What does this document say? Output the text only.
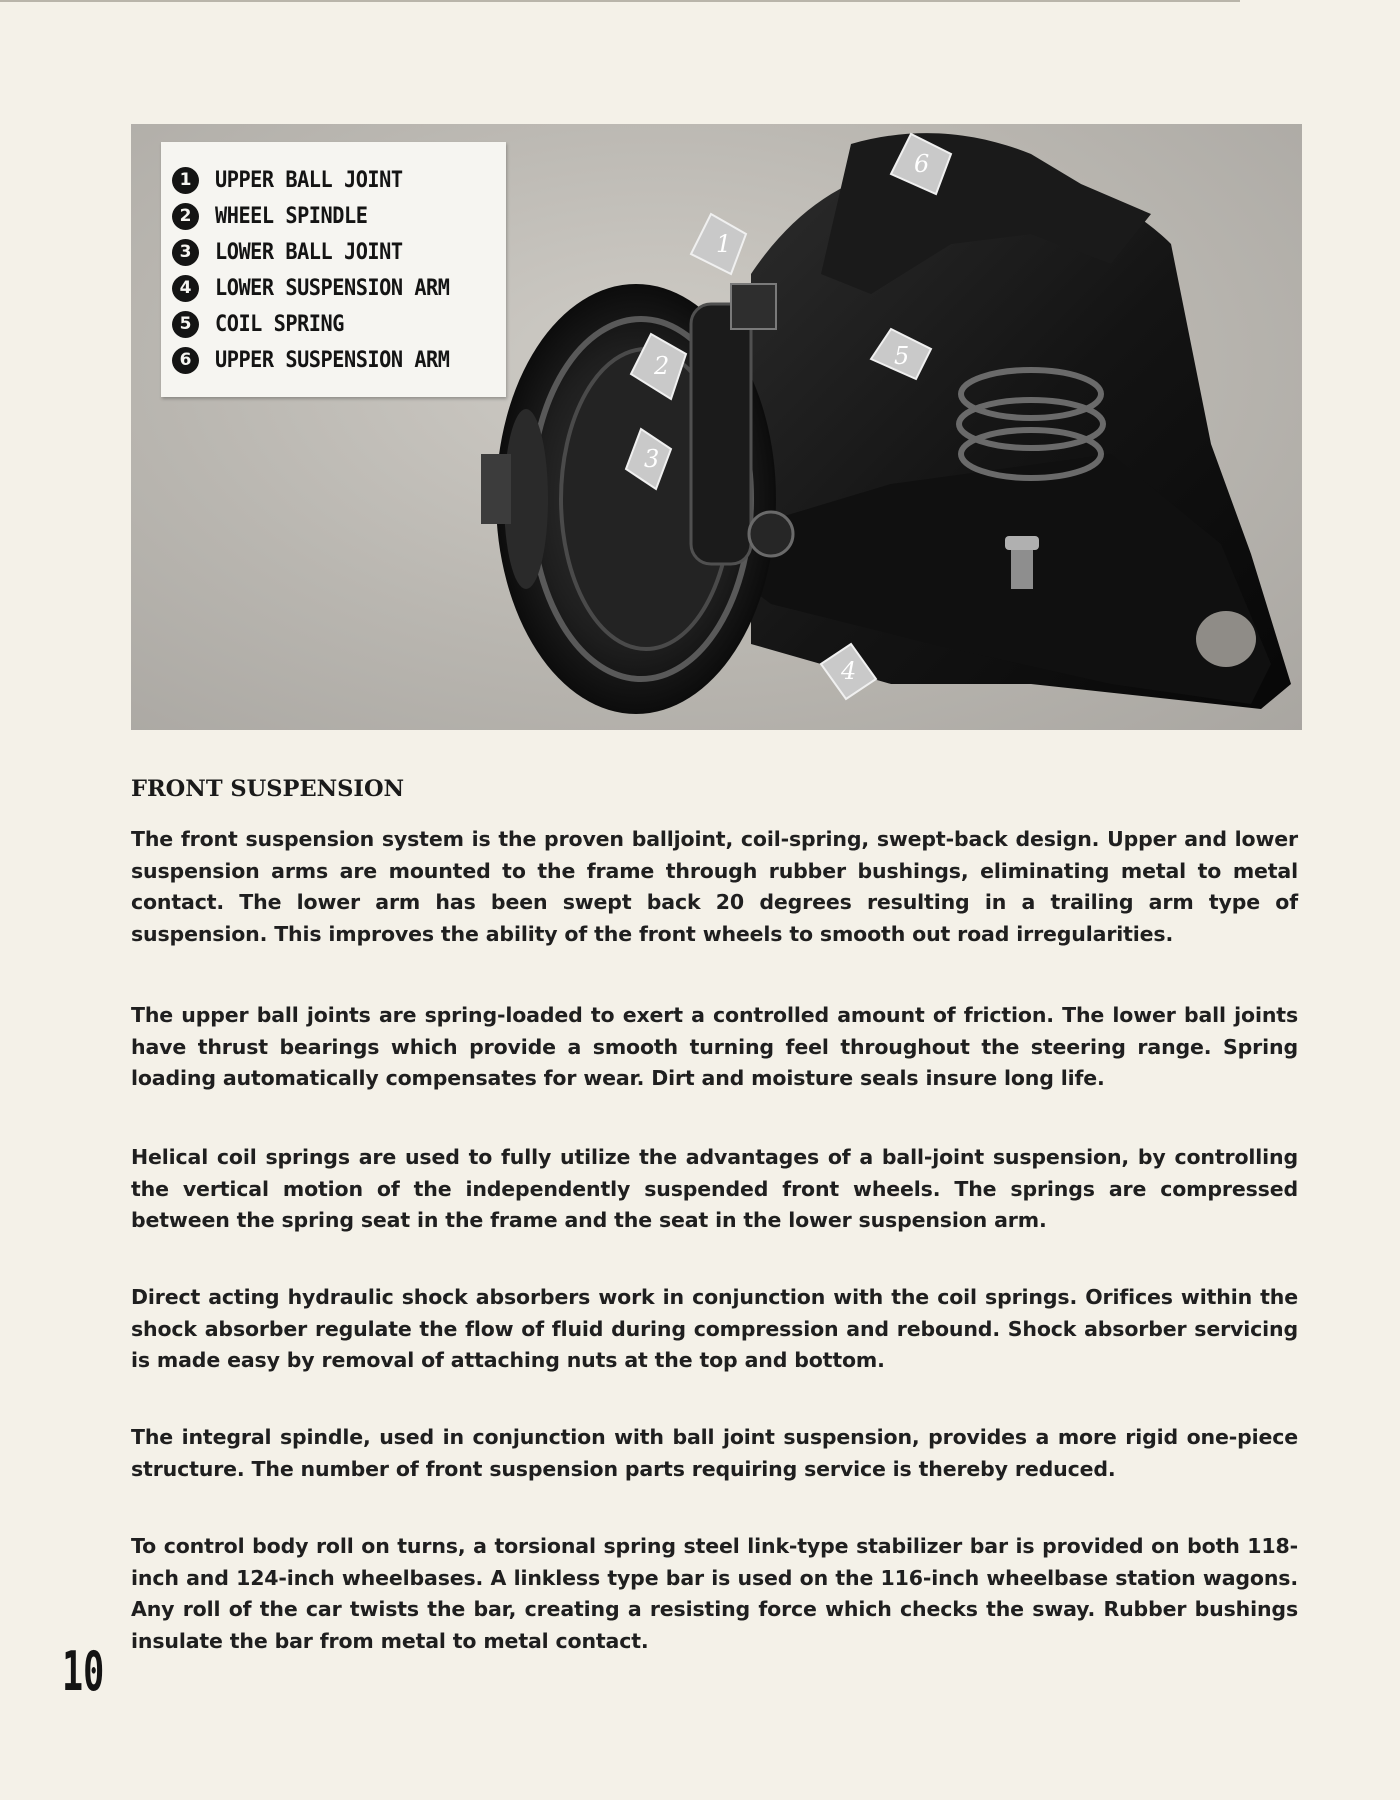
1
2
3
4
5
6
1	UPPER BALL JOINT
2	WHEEL SPINDLE
3	LOWER BALL JOINT
4	LOWER SUSPENSION ARM
5	COIL SPRING
6	UPPER SUSPENSION ARM
FRONT SUSPENSION

The front suspension system is the proven balljoint, coil-spring, swept-back design. Upper and lower suspension arms are mounted to the frame through rubber bushings, eliminating metal to metal contact. The lower arm has been swept back 20 degrees resulting in a trailing arm type of suspension. This improves the ability of the front wheels to smooth out road irregularities.

The upper ball joints are spring-loaded to exert a controlled amount of friction. The lower ball joints have thrust bearings which provide a smooth turning feel throughout the steering range. Spring loading automatically compensates for wear. Dirt and moisture seals insure long life.

Helical coil springs are used to fully utilize the advantages of a ball-joint suspension, by controlling the vertical motion of the independently suspended front wheels. The springs are compressed between the spring seat in the frame and the seat in the lower suspension arm.

Direct acting hydraulic shock absorbers work in conjunction with the coil springs. Orifices within the shock absorber regulate the flow of fluid during compression and rebound. Shock absorber servicing is made easy by removal of attaching nuts at the top and bottom.

The integral spindle, used in conjunction with ball joint suspension, provides a more rigid one-piece structure. The number of front suspension parts requiring service is thereby reduced.

To control body roll on turns, a torsional spring steel link-type stabilizer bar is provided on both 118-inch and 124-inch wheelbases. A linkless type bar is used on the 116-inch wheelbase station wagons. Any roll of the car twists the bar, creating a resisting force which checks the sway. Rubber bushings insulate the bar from metal to metal contact.

10
